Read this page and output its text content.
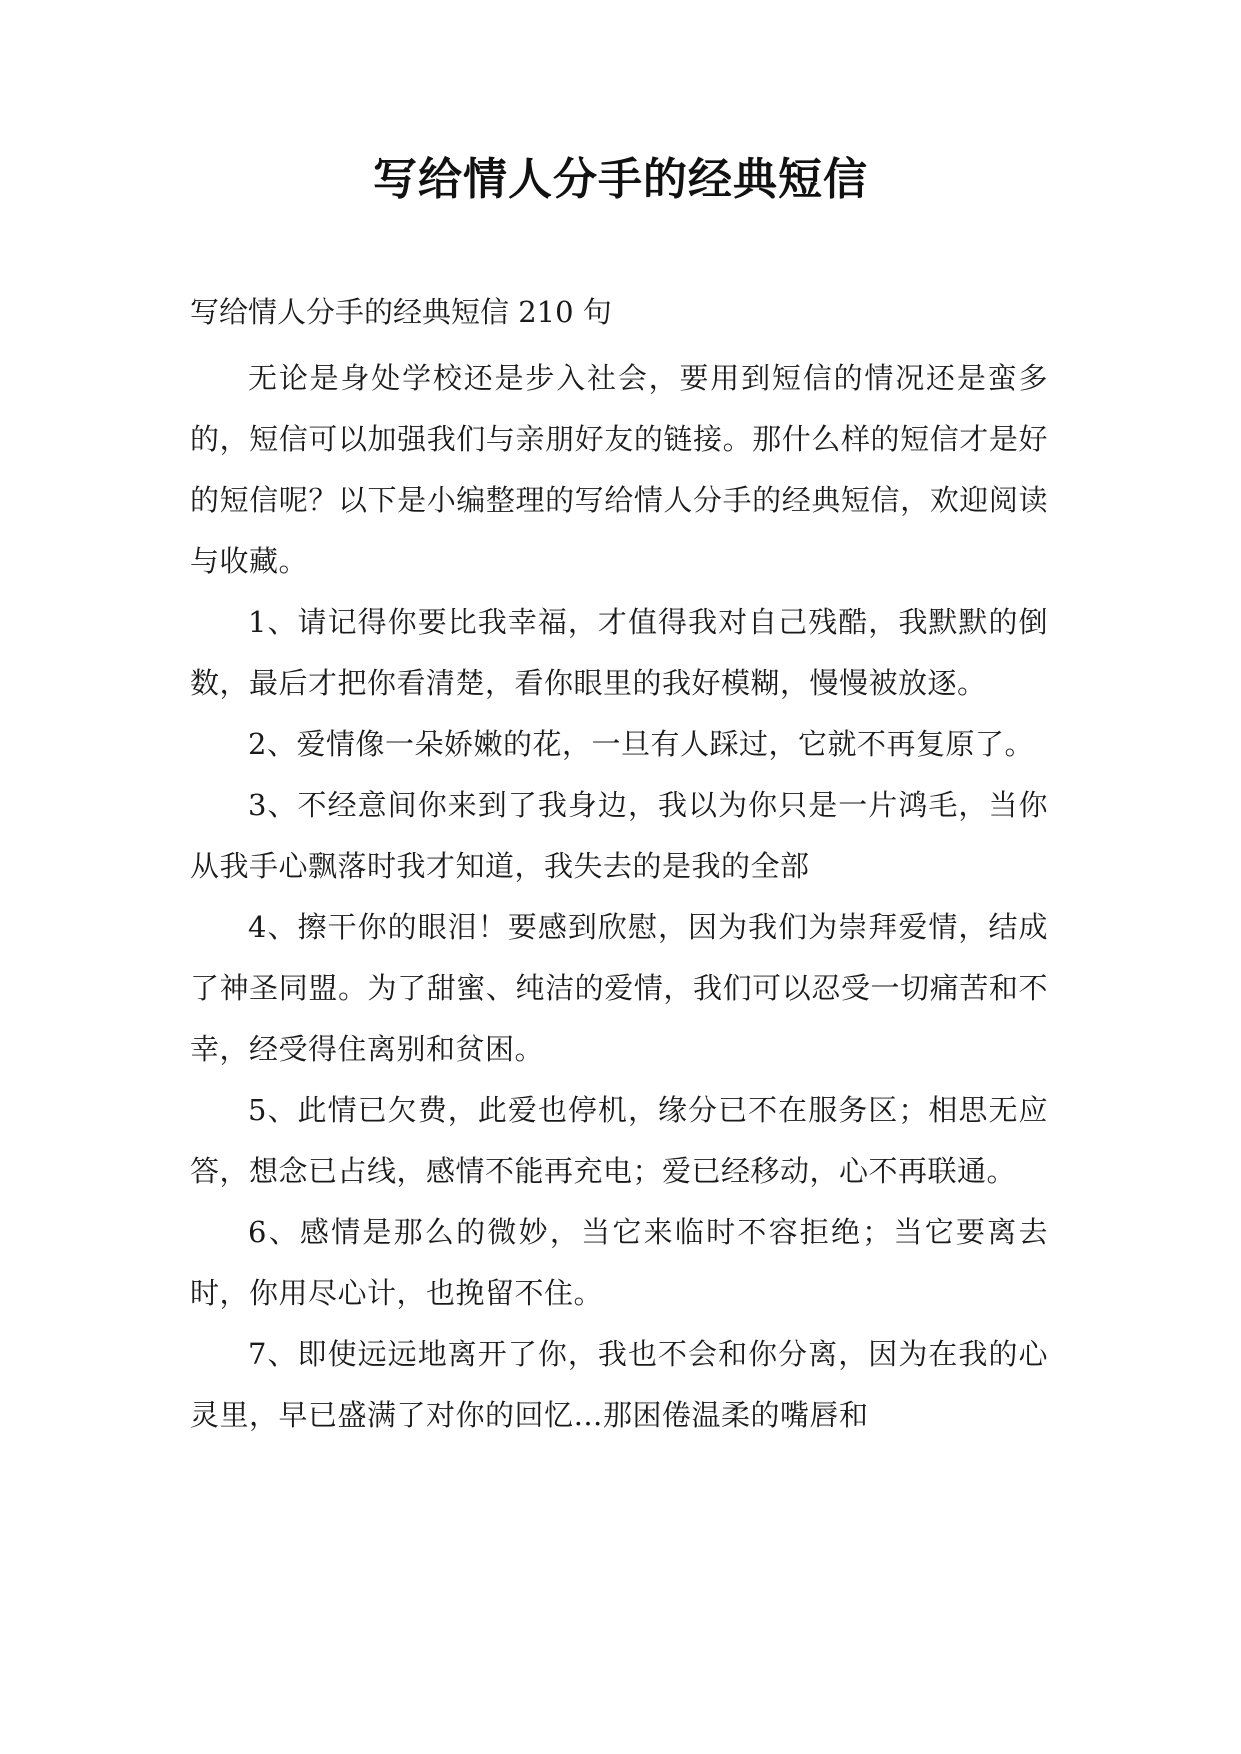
写给情人分手的经典短信
写给情人分手的经典短信 210 句

无论是身处学校还是步入社会，要用到短信的情况还是蛮多的，短信可以加强我们与亲朋好友的链接。那什么样的短信才是好的短信呢？以下是小编整理的写给情人分手的经典短信，欢迎阅读与收藏。

1、请记得你要比我幸福，才值得我对自己残酷，我默默的倒数，最后才把你看清楚，看你眼里的我好模糊，慢慢被放逐。

2、爱情像一朵娇嫩的花，一旦有人踩过，它就不再复原了。

3、不经意间你来到了我身边，我以为你只是一片鸿毛，当你从我手心飘落时我才知道，我失去的是我的全部

4、擦干你的眼泪！要感到欣慰，因为我们为崇拜爱情，结成了神圣同盟。为了甜蜜、纯洁的爱情，我们可以忍受一切痛苦和不幸，经受得住离别和贫困。

5、此情已欠费，此爱也停机，缘分已不在服务区；相思无应答，想念已占线，感情不能再充电；爱已经移动，心不再联通。

6、感情是那么的微妙，当它来临时不容拒绝；当它要离去时，你用尽心计，也挽留不住。

7、即使远远地离开了你，我也不会和你分离，因为在我的心灵里，早已盛满了对你的回忆…那困倦温柔的嘴唇和
